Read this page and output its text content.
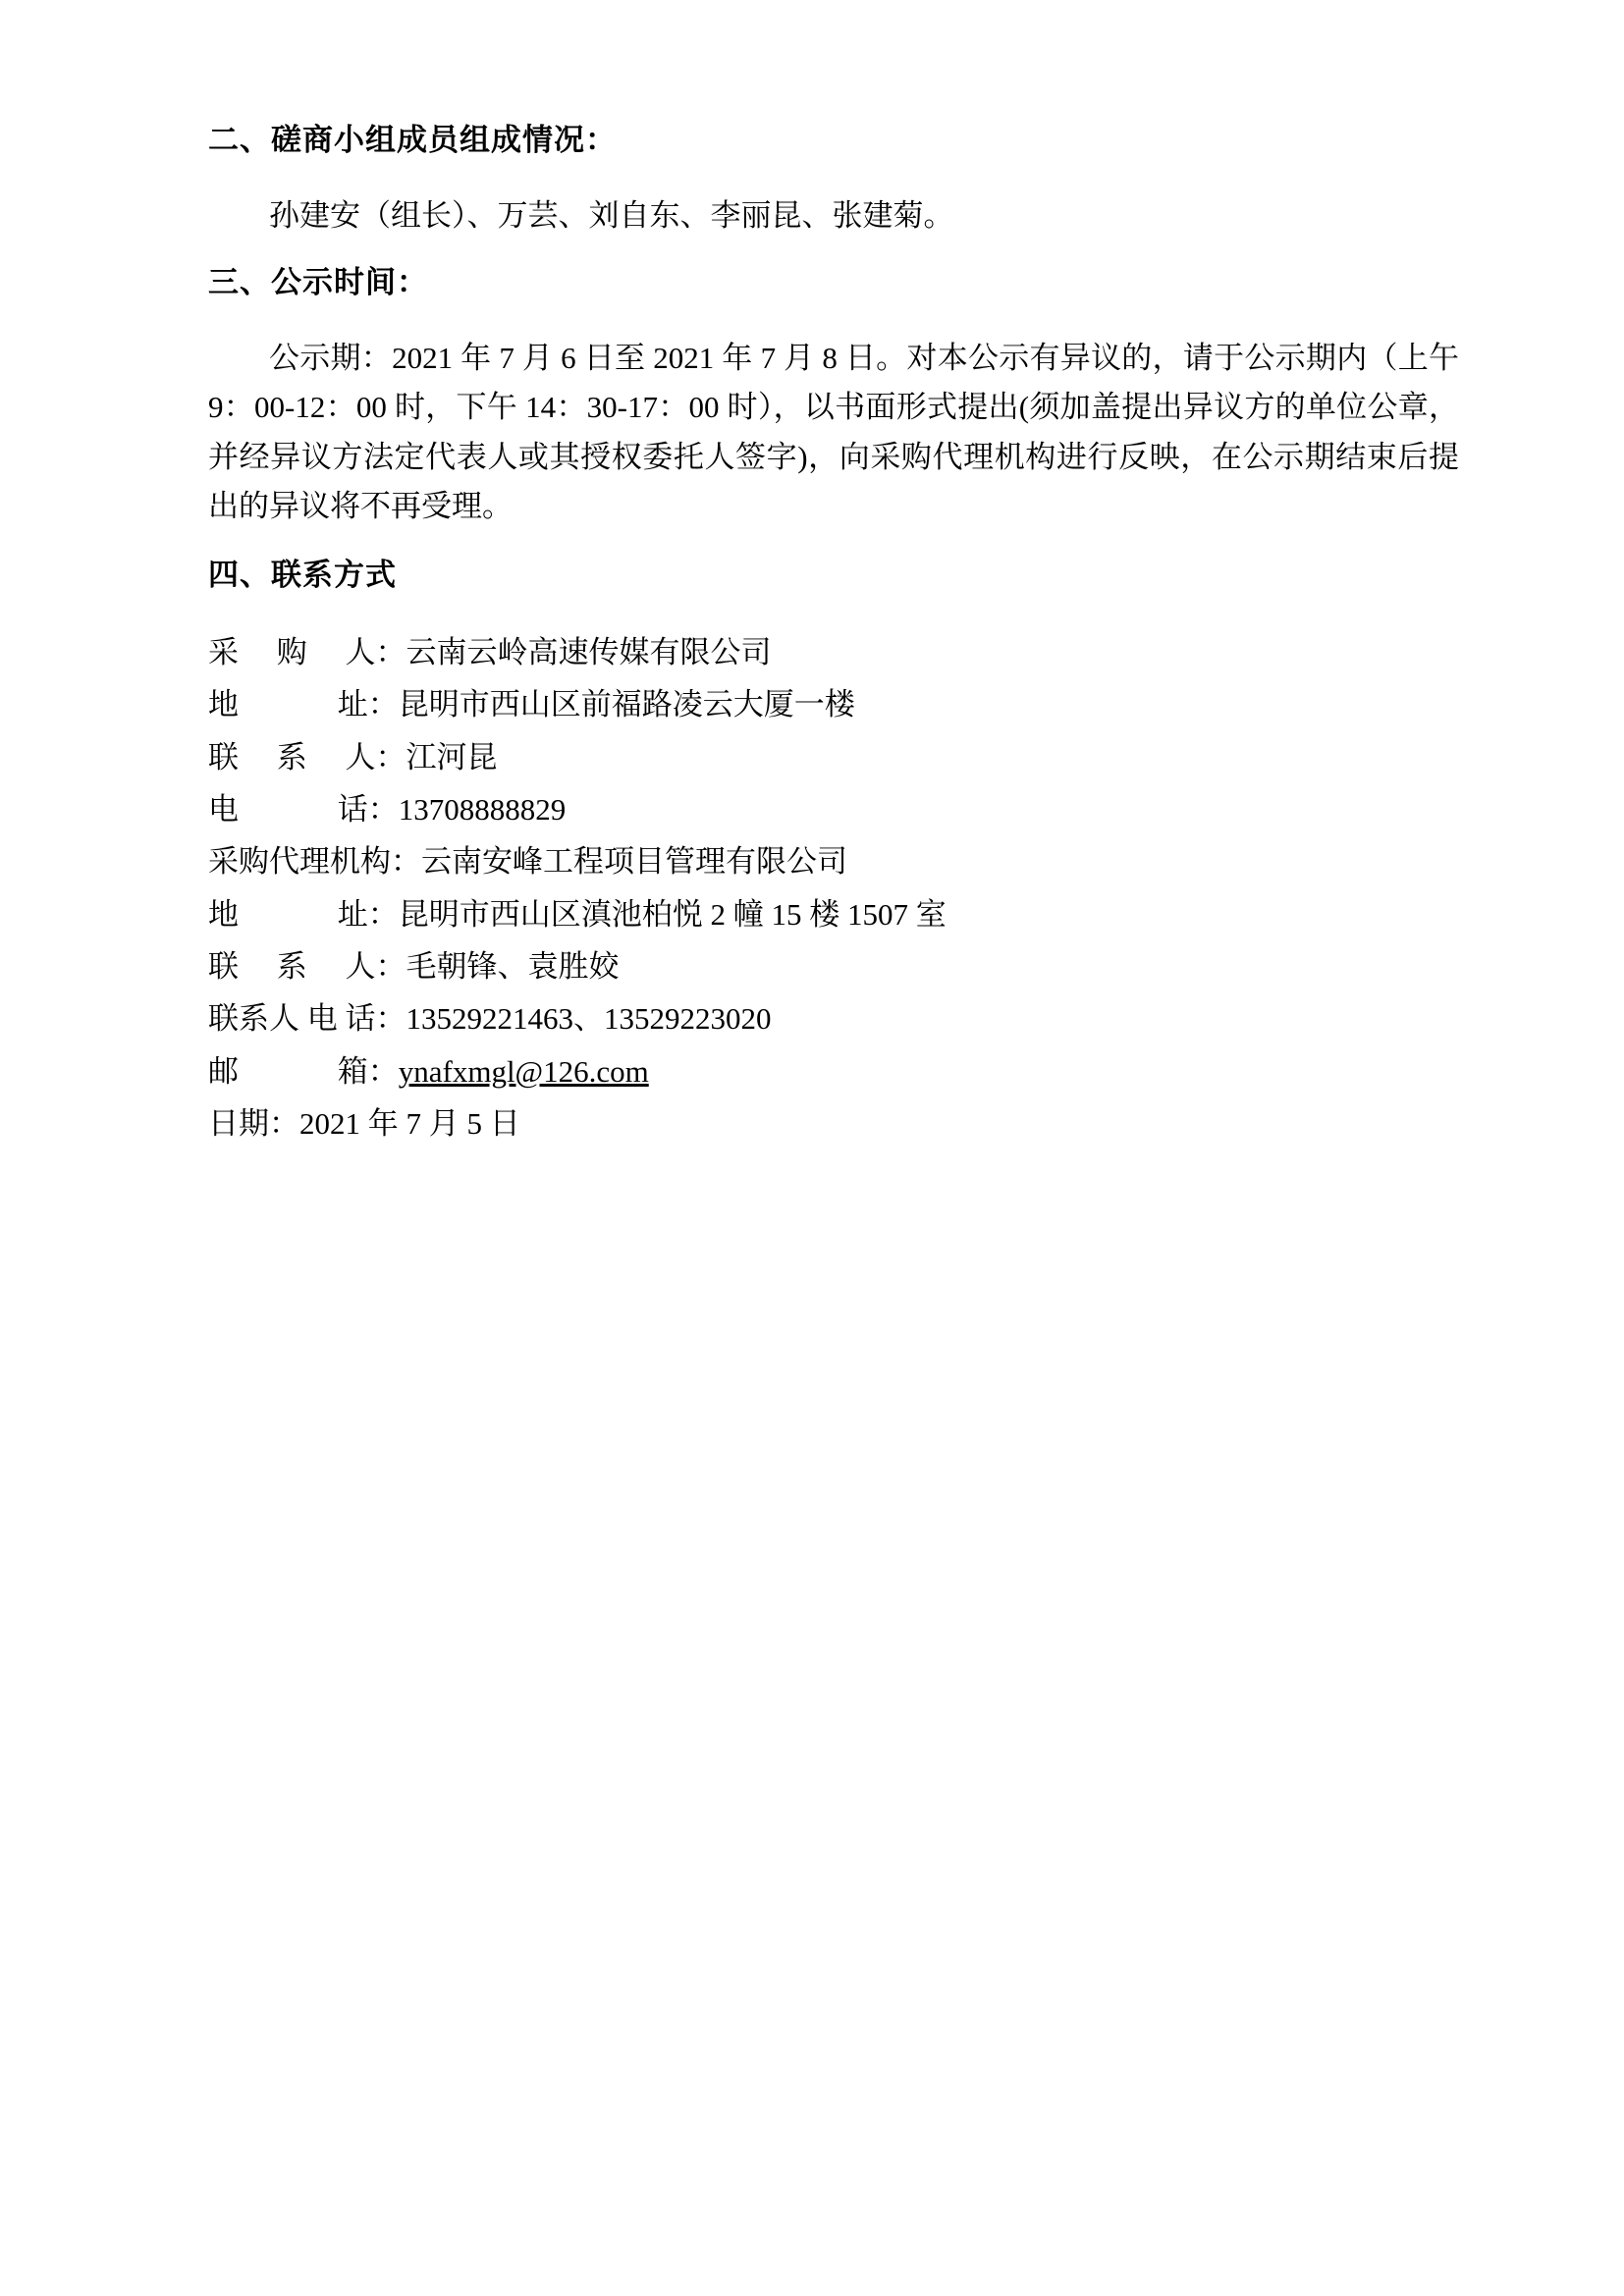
二、磋商小组成员组成情况：

孙建安（组长）、万芸、刘自东、李丽昆、张建菊。

三、公示时间：

公示期：2021 年 7 月 6 日至 2021 年 7 月 8 日。对本公示有异议的，请于公示期内（上午 9：00-12：00 时，下午 14：30-17：00 时），以书面形式提出(须加盖提出异议方的单位公章，并经异议方法定代表人或其授权委托人签字)，向采购代理机构进行反映，在公示期结束后提出的异议将不再受理。

四、联系方式

采　 购 　人：云南云岭高速传媒有限公司

地　　 　址：昆明市西山区前福路凌云大厦一楼

联　 系 　人：江河昆

电　　 　话：13708888829

采购代理机构：云南安峰工程项目管理有限公司

地　　 　址：昆明市西山区滇池柏悦 2 幢 15 楼 1507 室

联　 系 　人：毛朝锋、袁胜姣

联系人 电 话：13529221463、13529223020

邮　　 　箱：ynafxmgl@126.com

日期：2021 年 7 月 5 日
